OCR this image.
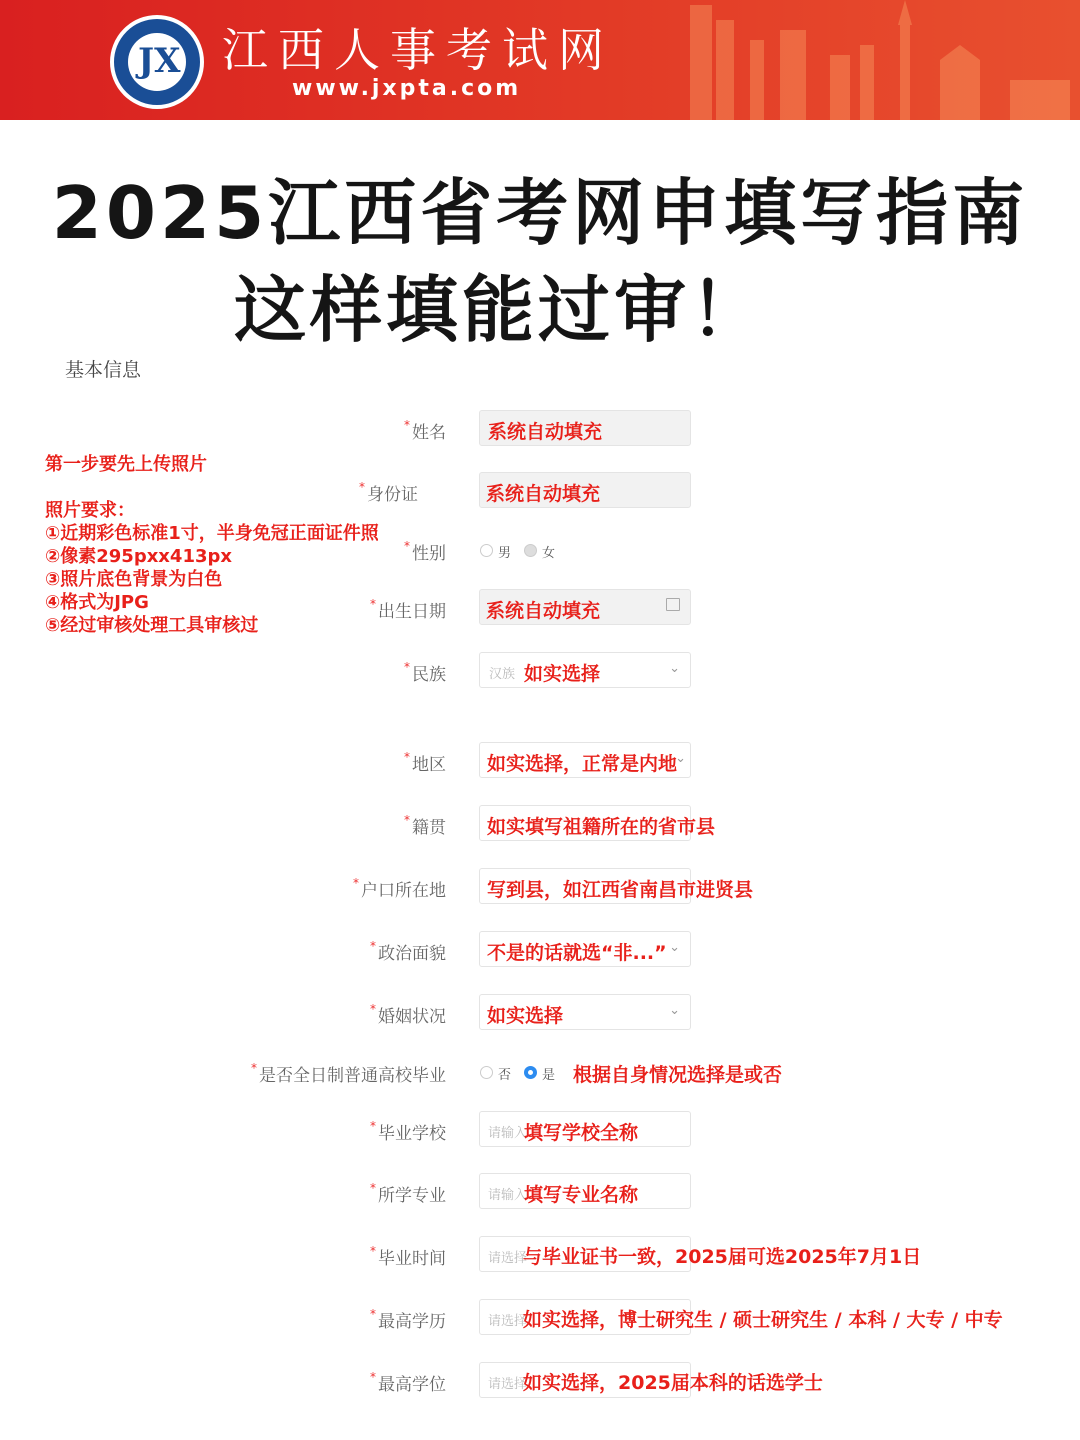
JX 江西人事考试网
www.jxpta.com
2025江西省考网申填写指南
这样填能过审！
基本信息
第一步要先上传照片
照片要求：
①近期彩色标准1寸，半身免冠正面证件照
②像素295pxx413px
③照片底色背景为白色
④格式为JPG
⑤经过审核处理工具审核过
* 姓名 系统自动填充
* 身份证	系统自动填充
* 性别	男 女
* 出生日期 系统自动填充
* 民族	汉族 如实选择	⌄
* 地区 如实选择，正常是内地
⌄
* 籍贯 如实填写祖籍所在的省市县
* 户口所在地 写到县，如江西省南昌市进贤县
* 政治面貌 不是的话就选“非...” ⌄
* 婚姻状况 如实选择	⌄
* 是否全日制普通高校毕业	否 是 根据自身情况选择是或否
* 毕业学校	请输入
填写学校全称
* 所学专业	请输入
填写专业名称
* 毕业时间	请选择
与毕业证书一致，2025届可选2025年7月1日
* 最高学历	请选择
如实选择，博士研究生 / 硕士研究生 / 本科 / 大专 / 中专
* 最高学位	请选择
如实选择，2025届本科的话选学士
